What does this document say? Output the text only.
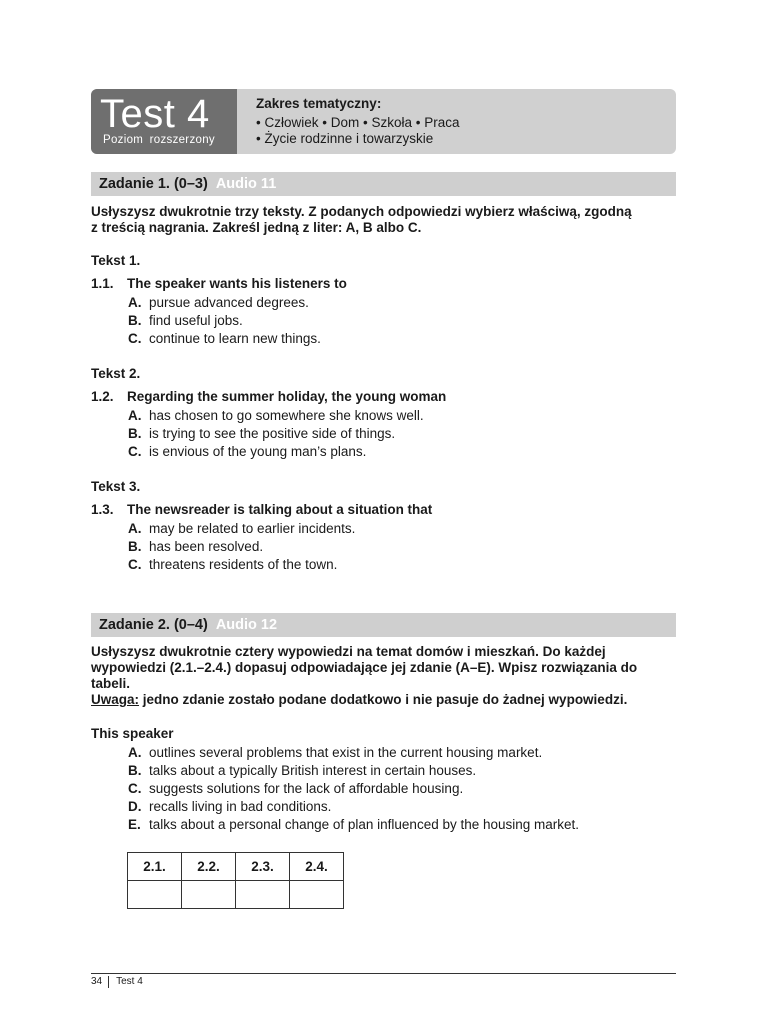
Test 4
Poziom rozszerzony
Zakres tematyczny:
• Człowiek • Dom • Szkoła • Praca
• Życie rodzinne i towarzyskie
Zadanie 1. (0–3) Audio 11
Usłyszysz dwukrotnie trzy teksty. Z podanych odpowiedzi wybierz właściwą, zgodną
z treścią nagrania. Zakreśl jedną z liter: A, B albo C.
Tekst 1.
1.1. The speaker wants his listeners to
A. pursue advanced degrees.
B. find useful jobs.
C. continue to learn new things.
Tekst 2.
1.2. Regarding the summer holiday, the young woman
A. has chosen to go somewhere she knows well.
B. is trying to see the positive side of things.
C. is envious of the young man’s plans.
Tekst 3.
1.3. The newsreader is talking about a situation that
A. may be related to earlier incidents.
B. has been resolved.
C. threatens residents of the town.
Zadanie 2. (0–4) Audio 12
Usłyszysz dwukrotnie cztery wypowiedzi na temat domów i mieszkań. Do każdej
wypowiedzi (2.1.–2.4.) dopasuj odpowiadające jej zdanie (A–E). Wpisz rozwiązania do
tabeli.
Uwaga: jedno zdanie zostało podane dodatkowo i nie pasuje do żadnej wypowiedzi.
This speaker
A. outlines several problems that exist in the current housing market.
B. talks about a typically British interest in certain houses.
C. suggests solutions for the lack of affordable housing.
D. recalls living in bad conditions.
E. talks about a personal change of plan influenced by the housing market.
2.1.	2.2.	2.3.	2.4.

34 Test 4
